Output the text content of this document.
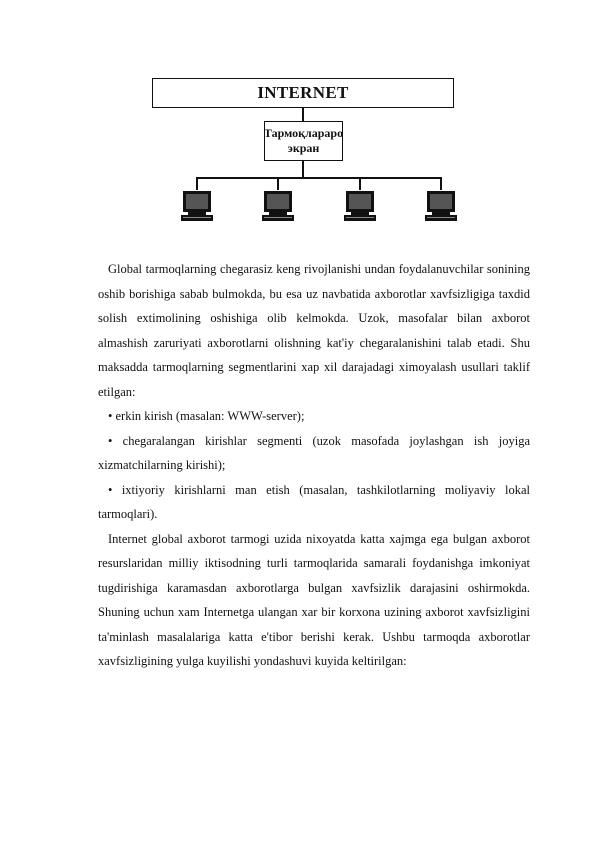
INTERNET
Тармоқлараро
экран

Global tarmoqlarning chegarasiz keng rivojlanishi undan foydalanuvchilar sonining oshib borishiga sabab bulmokda, bu esa uz navbatida axborotlar xavfsizligiga taxdid solish extimolining oshishiga olib kelmokda. Uzok, masofalar bilan axborot almashish zaruriyati axborotlarni olishning kat'iy chegaralanishini talab etadi. Shu maksadda tarmoqlarning segmentlarini xap xil darajadagi ximoyalash usullari taklif etilgan:

• erkin kirish (masalan: WWW-server);

• chegaralangan kirishlar segmenti (uzok masofada joylashgan ish joyiga xizmatchilarning kirishi);

• ixtiyoriy kirishlarni man etish (masalan, tashkilotlarning moliyaviy lokal tarmoqlari).

Internet global axborot tarmogi uzida nixoyatda katta xajmga ega bulgan axborot resurslaridan milliy iktisodning turli tarmoqlarida samarali foydanishga imkoniyat tugdirishiga karamasdan axborotlarga bulgan xavfsizlik darajasini oshirmokda. Shuning uchun xam Internetga ulangan xar bir korxona uzining axborot xavfsizligini ta'minlash masalalariga katta e'tibor berishi kerak. Ushbu tarmoqda axborotlar xavfsizligining yulga kuyilishi yondashuvi kuyida keltirilgan:
